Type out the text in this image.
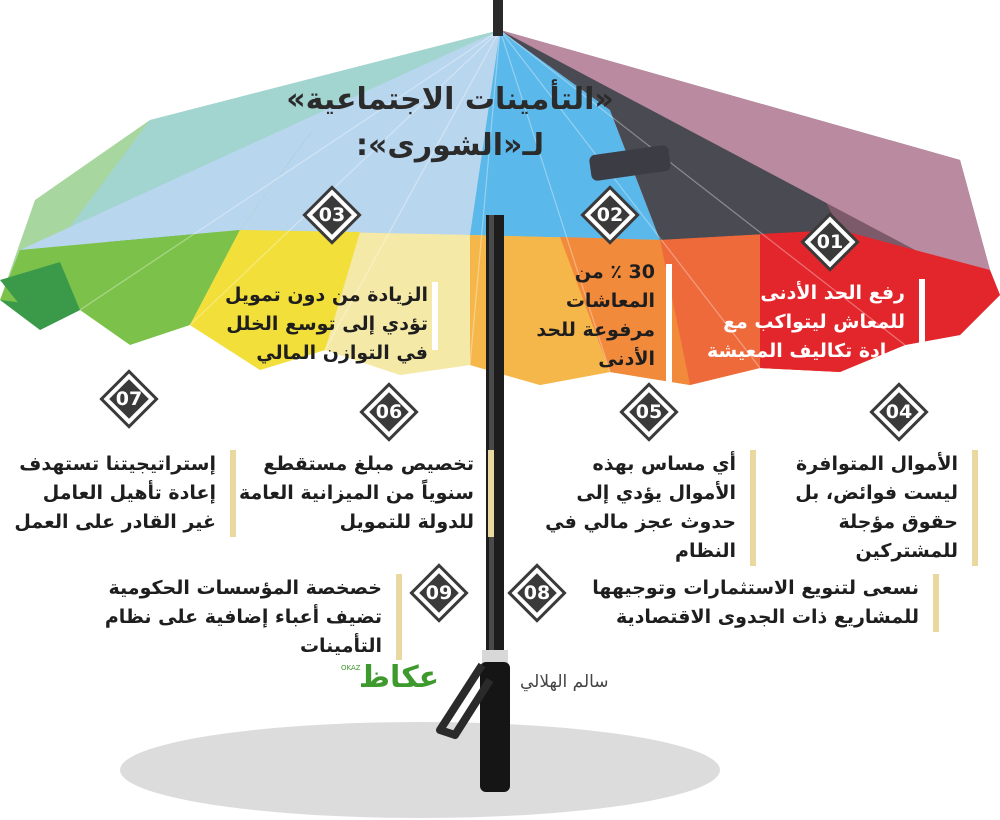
«التأمينات الاجتماعية»
لـ«الشورى»:
01
رفع الحد الأدنى للمعاش ليتواكب مع زيادة تكاليف المعيشة
02
30 ٪ من المعاشات مرفوعة للحد الأدنى
03
الزيادة من دون تمويل تؤدي إلى توسع الخلل في التوازن المالي
04
الأموال المتوافرة ليست فوائض، بل حقوق مؤجلة للمشتركين
05
أي مساس بهذه الأموال يؤدي إلى حدوث عجز مالي في النظام
06
تخصيص مبلغ مستقطع سنوياً من الميزانية العامة للدولة للتمويل
07
إستراتيجيتنا تستهدف إعادة تأهيل العامل غير القادر على العمل
08	نسعى لتنويع الاستثمارات وتوجيهها للمشاريع ذات الجدوى الاقتصادية
09
خصخصة المؤسسات الحكومية تضيف أعباء إضافية على نظام التأمينات
سالم الهلالي
عكاظ
OKAZ
